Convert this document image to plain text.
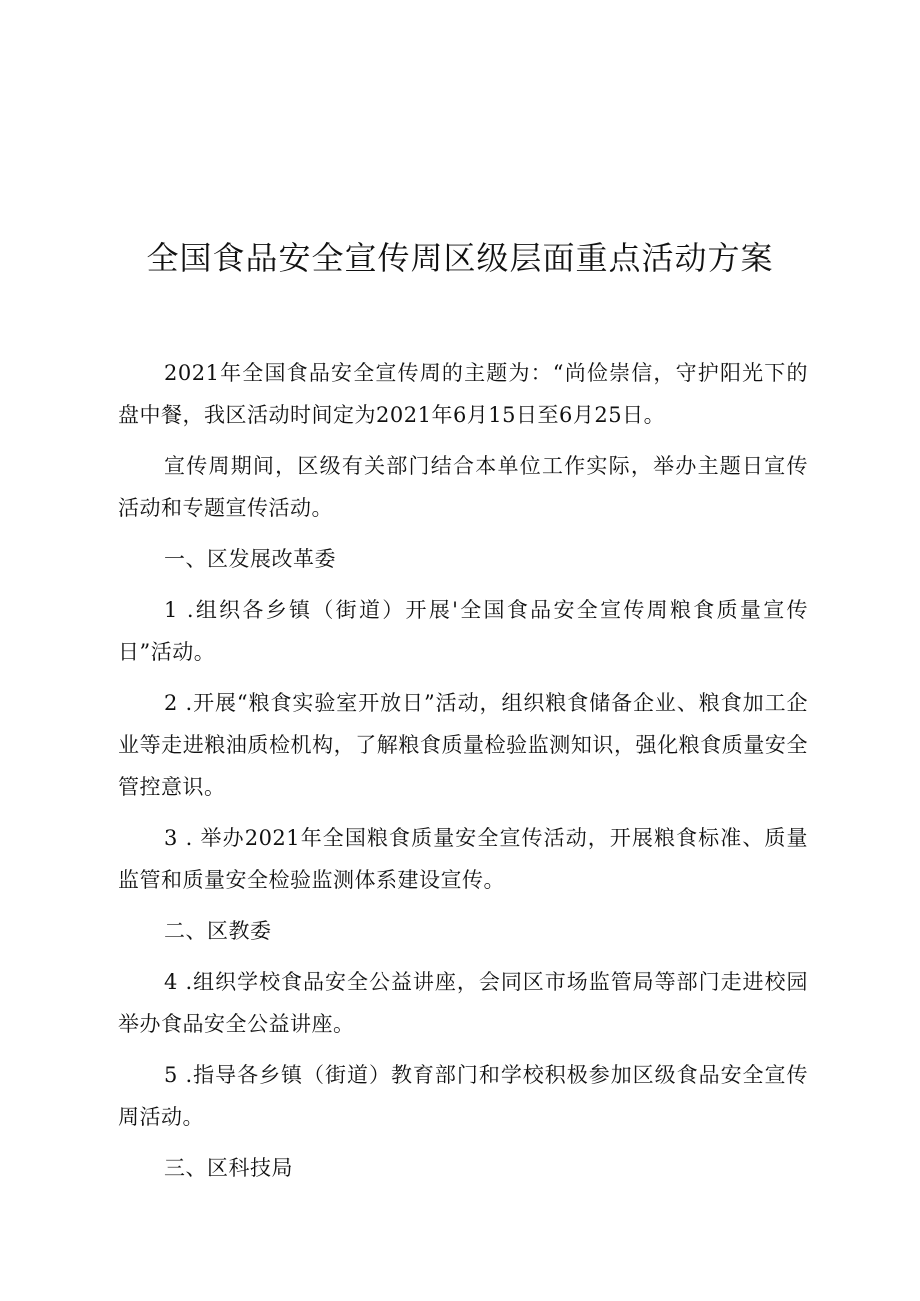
全国食品安全宣传周区级层面重点活动方案

2021年全国食品安全宣传周的主题为：“尚俭崇信，守护阳光下的盘中餐，我区活动时间定为2021年6月15日至6月25日。

宣传周期间，区级有关部门结合本单位工作实际，举办主题日宣传活动和专题宣传活动。

一、区发展改革委

1 .组织各乡镇（街道）开展'全国食品安全宣传周粮食质量宣传日”活动。

2 .开展“粮食实验室开放日”活动，组织粮食储备企业、粮食加工企业等走进粮油质检机构，了解粮食质量检验监测知识，强化粮食质量安全管控意识。

3 . 举办2021年全国粮食质量安全宣传活动，开展粮食标准、质量监管和质量安全检验监测体系建设宣传。

二、区教委

4 .组织学校食品安全公益讲座，会同区市场监管局等部门走进校园举办食品安全公益讲座。

5 .指导各乡镇（街道）教育部门和学校积极参加区级食品安全宣传周活动。

三、区科技局
